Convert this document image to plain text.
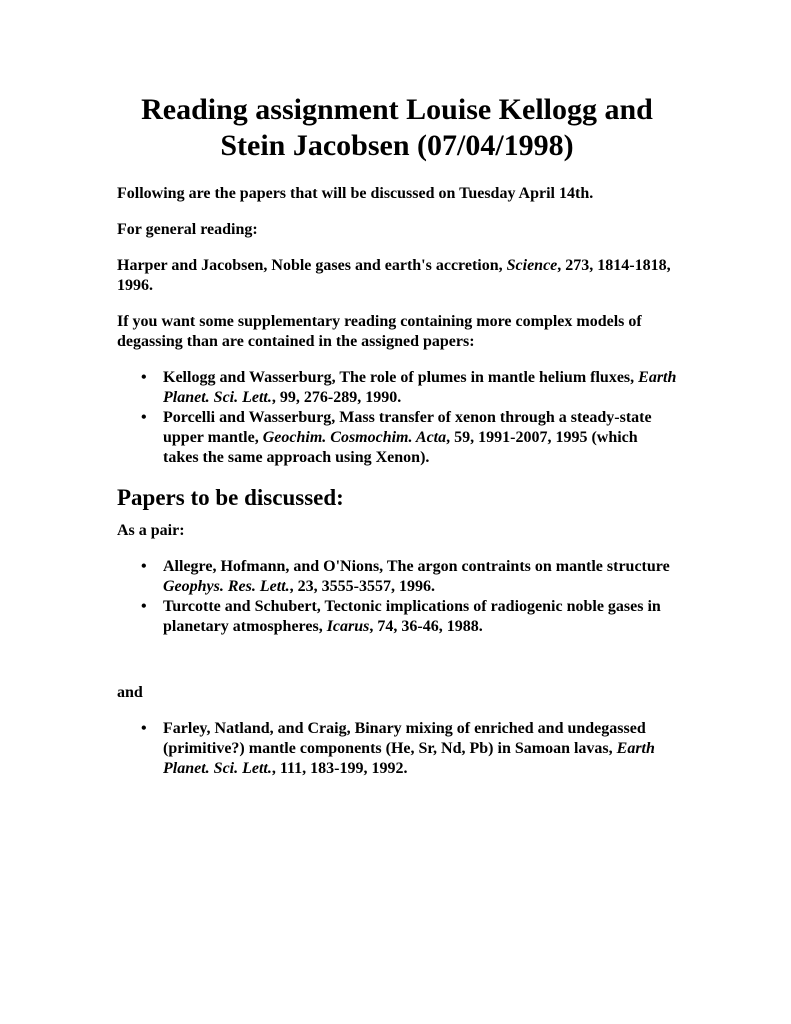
Reading assignment Louise Kellogg and Stein Jacobsen (07/04/1998)

Following are the papers that will be discussed on Tuesday April 14th.

For general reading:

Harper and Jacobsen, Noble gases and earth's accretion, Science, 273, 1814-1818, 1996.

If you want some supplementary reading containing more complex models of degassing than are contained in the assigned papers:

• Kellogg and Wasserburg, The role of plumes in mantle helium fluxes, Earth Planet. Sci. Lett., 99, 276-289, 1990.
• Porcelli and Wasserburg, Mass transfer of xenon through a steady-state upper mantle, Geochim. Cosmochim. Acta, 59, 1991-2007, 1995 (which takes the same approach using Xenon).
Papers to be discussed:

As a pair:

• Allegre, Hofmann, and O'Nions, The argon contraints on mantle structure Geophys. Res. Lett., 23, 3555-3557, 1996.
• Turcotte and Schubert, Tectonic implications of radiogenic noble gases in planetary atmospheres, Icarus, 74, 36-46, 1988.

and

• Farley, Natland, and Craig, Binary mixing of enriched and undegassed (primitive?) mantle components (He, Sr, Nd, Pb) in Samoan lavas, Earth Planet. Sci. Lett., 111, 183-199, 1992.
